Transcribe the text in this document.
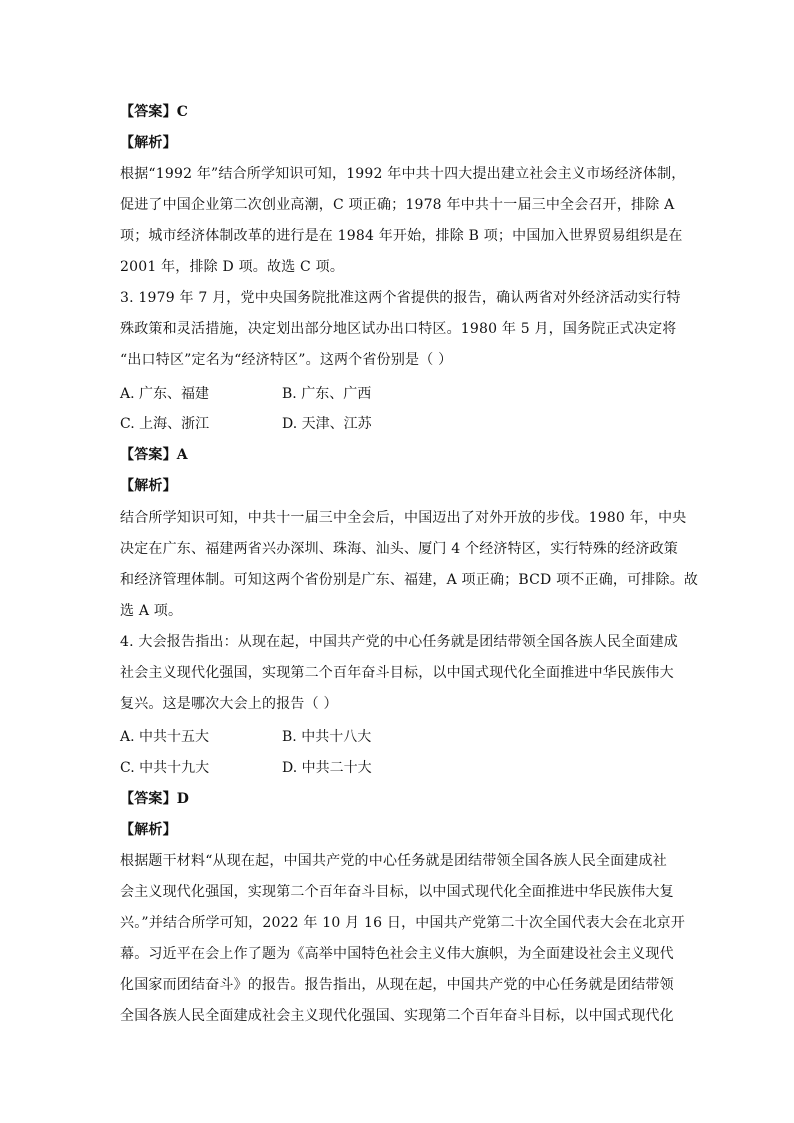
【答案】C
【解析】
根据“1992 年”结合所学知识可知，1992 年中共十四大提出建立社会主义市场经济体制，
促进了中国企业第二次创业高潮，C 项正确；1978 年中共十一届三中全会召开，排除 A
项；城市经济体制改革的进行是在 1984 年开始，排除 B 项；中国加入世界贸易组织是在
2001 年，排除 D 项。故选 C 项。
3. 1979 年 7 月，党中央国务院批准这两个省提供的报告，确认两省对外经济活动实行特
殊政策和灵活措施，决定划出部分地区试办出口特区。1980 年 5 月，国务院正式决定将
“出口特区”定名为“经济特区”。这两个省份别是（ ）
A. 广东、福建	B. 广东、广西
C. 上海、浙江	D. 天津、江苏
【答案】A
【解析】
结合所学知识可知，中共十一届三中全会后，中国迈出了对外开放的步伐。1980 年，中央
决定在广东、福建两省兴办深圳、珠海、汕头、厦门 4 个经济特区，实行特殊的经济政策
和经济管理体制。可知这两个省份别是广东、福建，A 项正确；BCD 项不正确，可排除。故
选 A 项。
4. 大会报告指出：从现在起，中国共产党的中心任务就是团结带领全国各族人民全面建成
社会主义现代化强国，实现第二个百年奋斗目标，以中国式现代化全面推进中华民族伟大
复兴。这是哪次大会上的报告（ ）
A. 中共十五大	B. 中共十八大
C. 中共十九大	D. 中共二十大
【答案】D
【解析】
根据题干材料“从现在起，中国共产党的中心任务就是团结带领全国各族人民全面建成社
会主义现代化强国，实现第二个百年奋斗目标，以中国式现代化全面推进中华民族伟大复
兴。”并结合所学可知，2022 年 10 月 16 日，中国共产党第二十次全国代表大会在北京开
幕。习近平在会上作了题为《高举中国特色社会主义伟大旗帜，为全面建设社会主义现代
化国家而团结奋斗》的报告。报告指出，从现在起，中国共产党的中心任务就是团结带领
全国各族人民全面建成社会主义现代化强国、实现第二个百年奋斗目标，以中国式现代化
